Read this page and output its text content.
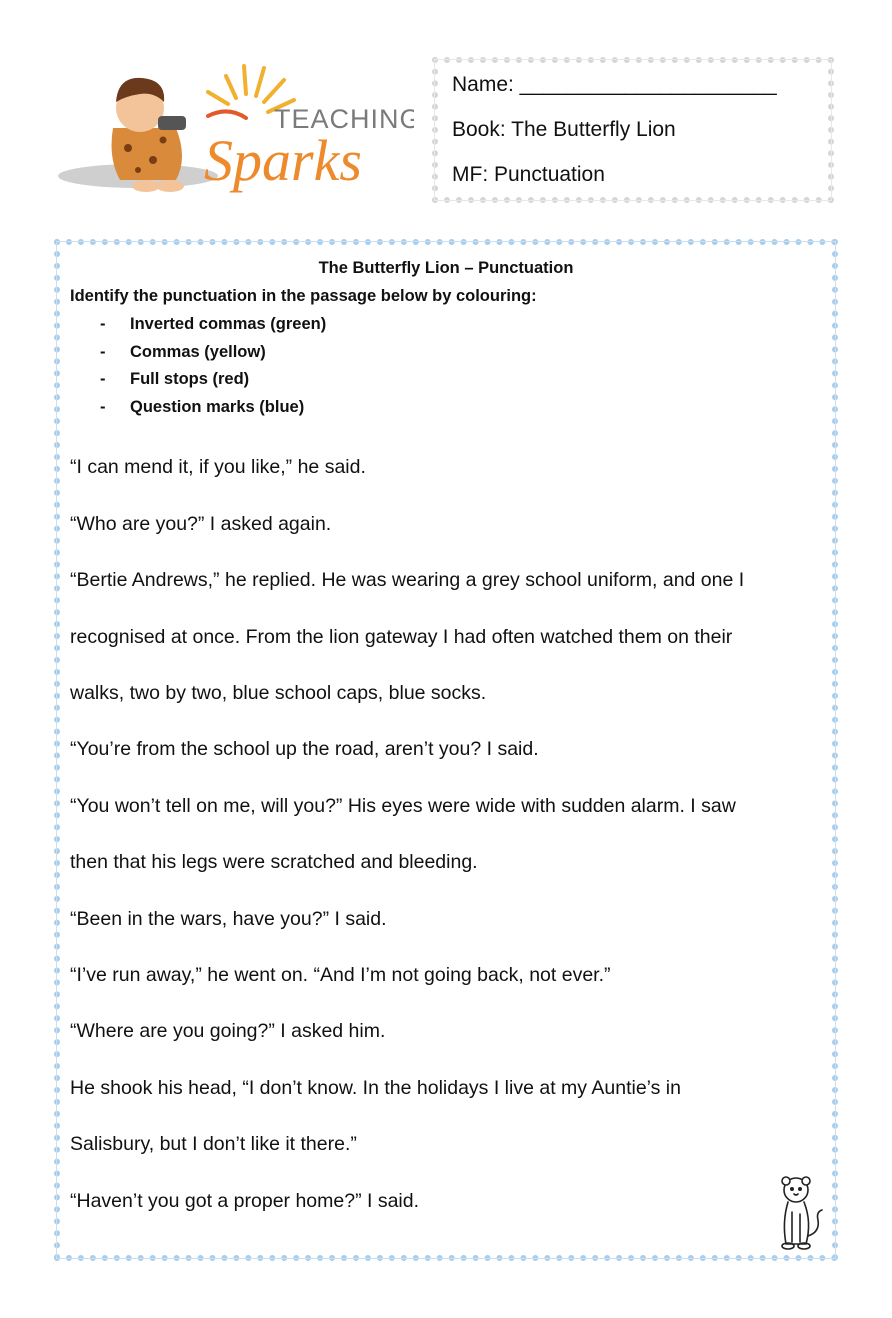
TEACHING
Sparks
Name: ______________________
Book: The Butterfly Lion
MF: Punctuation
The Butterfly Lion – Punctuation
Identify the punctuation in the passage below by colouring:
- Inverted commas (green)
- Commas (yellow)
- Full stops (red)
- Question marks (blue)
“I can mend it, if you like,” he said.
“Who are you?” I asked again.
“Bertie Andrews,” he replied. He was wearing a grey school uniform, and one I
recognised at once. From the lion gateway I had often watched them on their
walks, two by two, blue school caps, blue socks.
“You’re from the school up the road, aren’t you? I said.
“You won’t tell on me, will you?” His eyes were wide with sudden alarm. I saw
then that his legs were scratched and bleeding.
“Been in the wars, have you?” I said.
“I’ve run away,” he went on. “And I’m not going back, not ever.”
“Where are you going?” I asked him.
He shook his head, “I don’t know. In the holidays I live at my Auntie’s in
Salisbury, but I don’t like it there.”
“Haven’t you got a proper home?” I said.
